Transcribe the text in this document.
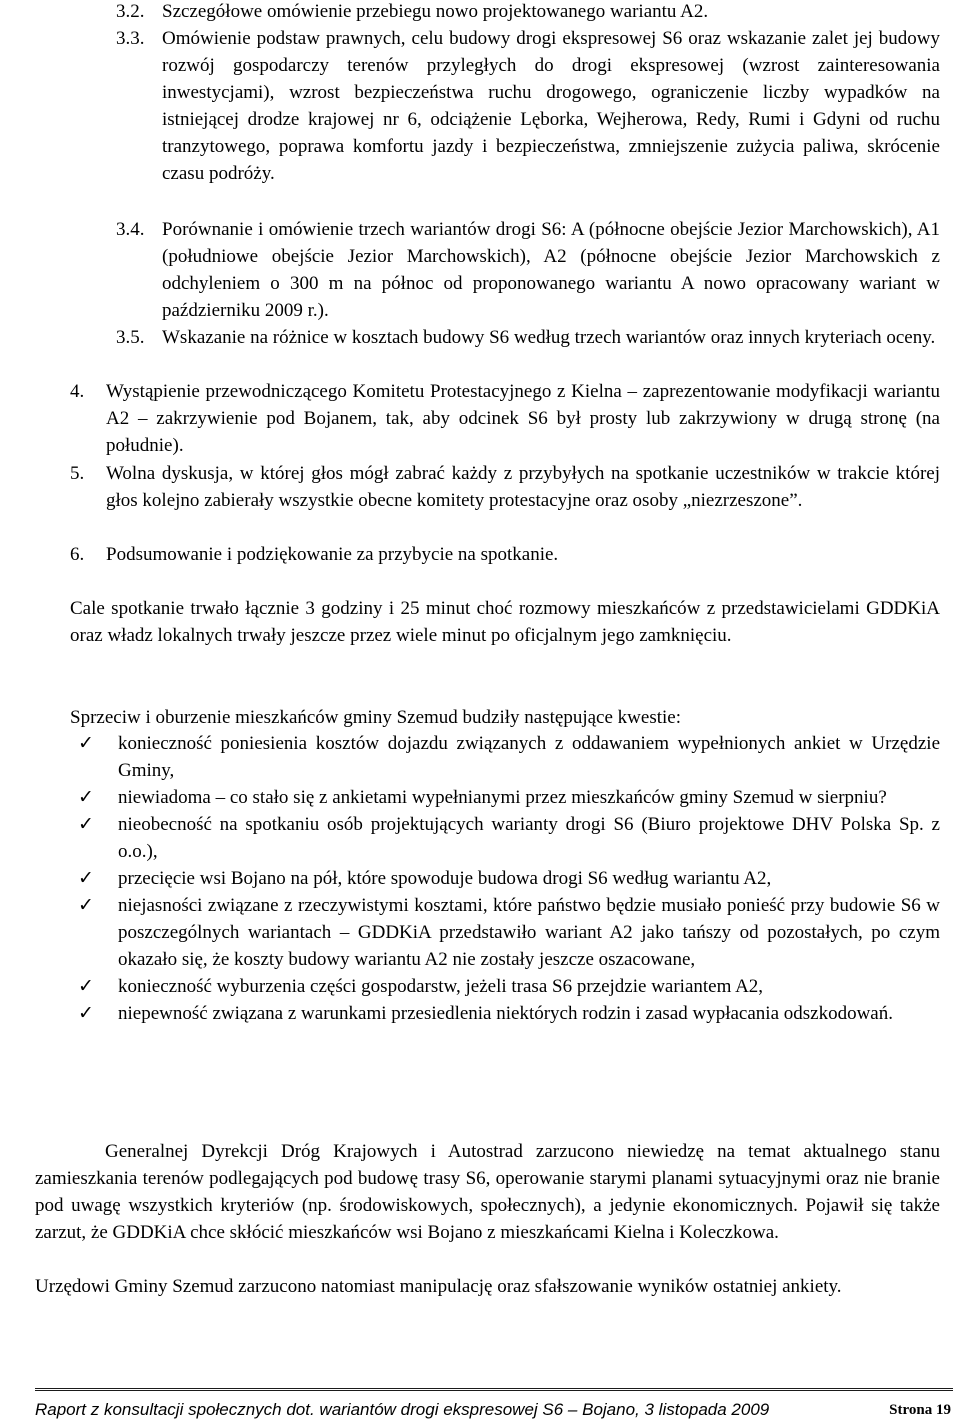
3.2. Szczegółowe omówienie przebiegu nowo projektowanego wariantu A2.
3.3. Omówienie podstaw prawnych, celu budowy drogi ekspresowej S6 oraz wskazanie zalet jej budowy rozwój gospodarczy terenów przyległych do drogi ekspresowej (wzrost zainteresowania inwestycjami), wzrost bezpieczeństwa ruchu drogowego, ograniczenie liczby wypadków na istniejącej drodze krajowej nr 6, odciążenie Lęborka, Wejherowa, Redy, Rumi i Gdyni od ruchu tranzytowego, poprawa komfortu jazdy i bezpieczeństwa, zmniejszenie zużycia paliwa, skrócenie czasu podróży.
3.4. Porównanie i omówienie trzech wariantów drogi S6: A (północne obejście Jezior Marchowskich), A1 (południowe obejście Jezior Marchowskich), A2 (północne obejście Jezior Marchowskich z odchyleniem o 300 m na północ od proponowanego wariantu A nowo opracowany wariant w październiku 2009 r.).
3.5. Wskazanie na różnice w kosztach budowy S6 według trzech wariantów oraz innych kryteriach oceny.
4. Wystąpienie przewodniczącego Komitetu Protestacyjnego z Kielna – zaprezentowanie modyfikacji wariantu A2 – zakrzywienie pod Bojanem, tak, aby odcinek S6 był prosty lub zakrzywiony w drugą stronę (na południe).
5. Wolna dyskusja, w której głos mógł zabrać każdy z przybyłych na spotkanie uczestników w trakcie której głos kolejno zabierały wszystkie obecne komitety protestacyjne oraz osoby „niezrzeszone”.
6. Podsumowanie i podziękowanie za przybycie na spotkanie.
Cale spotkanie trwało łącznie 3 godziny i 25 minut choć rozmowy mieszkańców z przedstawicielami GDDKiA oraz władz lokalnych trwały jeszcze przez wiele minut po oficjalnym jego zamknięciu.
Sprzeciw i oburzenie mieszkańców gminy Szemud budziły następujące kwestie:
✓	konieczność poniesienia kosztów dojazdu związanych z oddawaniem wypełnionych ankiet w Urzędzie Gminy,
✓	niewiadoma – co stało się z ankietami wypełnianymi przez mieszkańców gminy Szemud w sierpniu?
✓	nieobecność na spotkaniu osób projektujących warianty drogi S6 (Biuro projektowe DHV Polska Sp. z o.o.),
✓	przecięcie wsi Bojano na pół, które spowoduje budowa drogi S6 według wariantu A2,
✓	niejasności związane z rzeczywistymi kosztami, które państwo będzie musiało ponieść przy budowie S6 w poszczególnych wariantach – GDDKiA przedstawiło wariant A2 jako tańszy od pozostałych, po czym okazało się, że koszty budowy wariantu A2 nie zostały jeszcze oszacowane,
✓	konieczność wyburzenia części gospodarstw, jeżeli trasa S6 przejdzie wariantem A2,
✓	niepewność związana z warunkami przesiedlenia niektórych rodzin i zasad wypłacania odszkodowań.
Generalnej Dyrekcji Dróg Krajowych i Autostrad zarzucono niewiedzę na temat aktualnego stanu zamieszkania terenów podlegających pod budowę trasy S6, operowanie starymi planami sytuacyjnymi oraz nie branie pod uwagę wszystkich kryteriów (np. środowiskowych, społecznych), a jedynie ekonomicznych. Pojawił się także zarzut, że GDDKiA chce skłócić mieszkańców wsi Bojano z mieszkańcami Kielna i Koleczkowa.
Urzędowi Gminy Szemud zarzucono natomiast manipulację oraz sfałszowanie wyników ostatniej ankiety.
Raport z konsultacji społecznych dot. wariantów drogi ekspresowej S6 – Bojano, 3 listopada 2009	Strona 19
